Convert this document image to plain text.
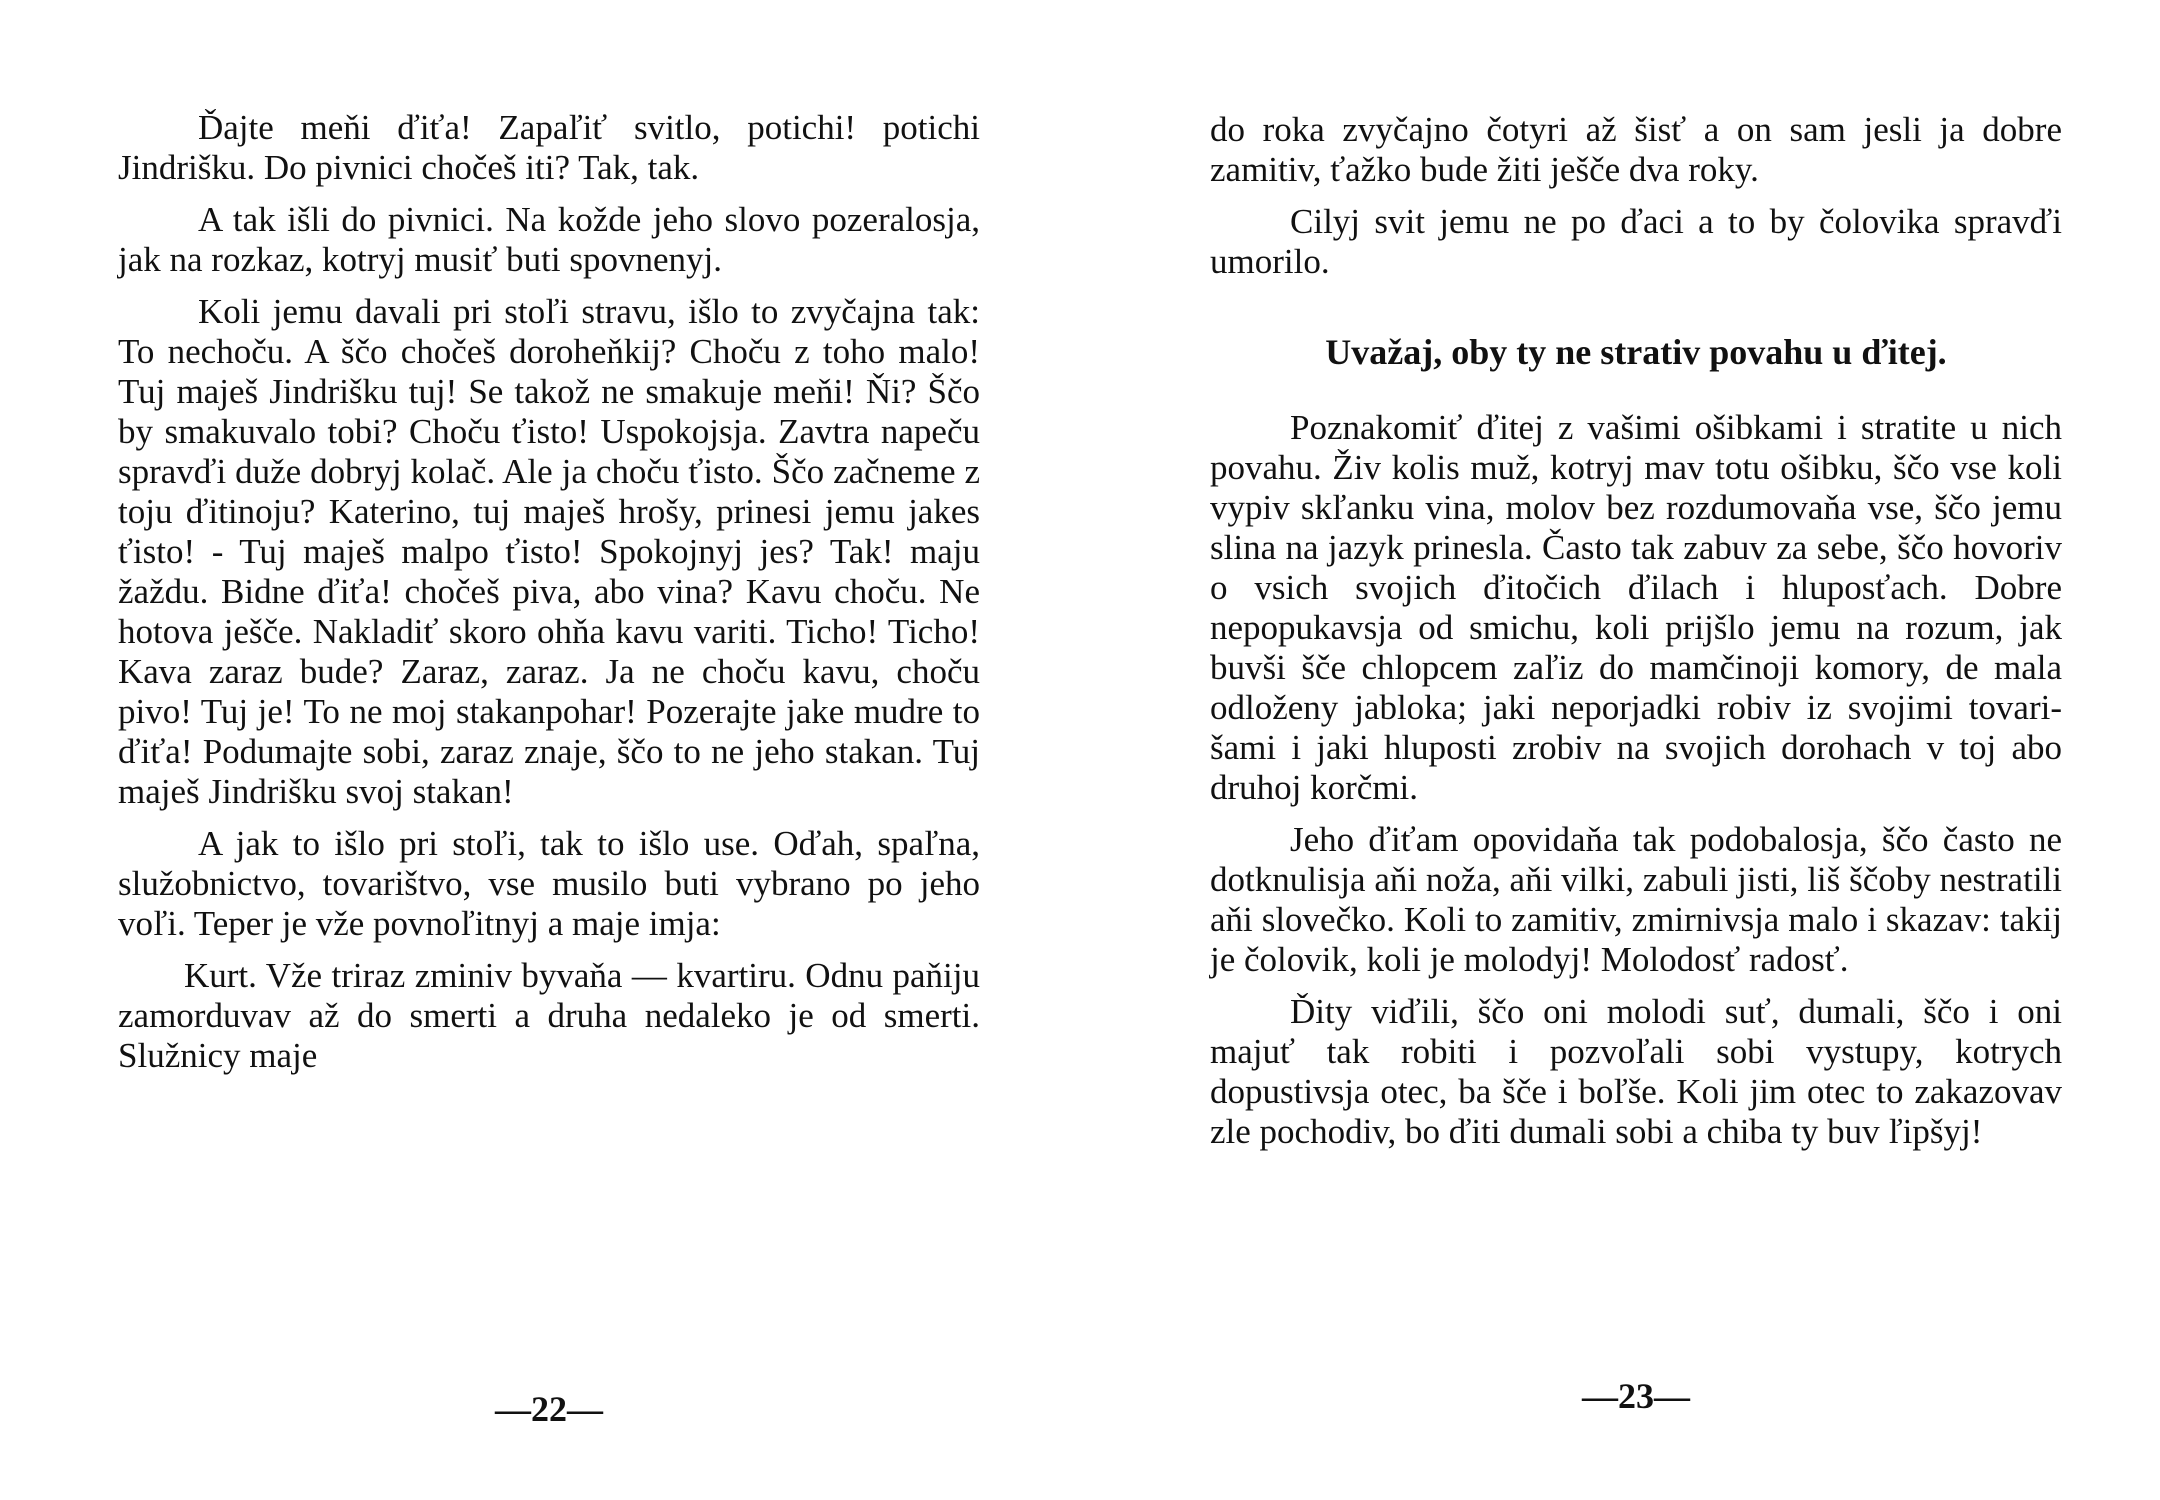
Ďajte meňi ďiťa! Zapaľiť svitlo, potichi! potichi Jindrišku. Do pivnici chočeš iti? Tak, tak.

A tak išli do pivnici. Na kožde jeho slovo pozeralosja, jak na rozkaz, kotryj musiť buti spovnenyj.

Koli jemu davali pri stoľi stravu, išlo to zvyčajna tak: To nechoču. A ščo chočeš doroheňkij? Choču z toho malo! Tuj maješ Jindrišku tuj! Se takož ne smakuje meňi! Ňi? Ščo by smakuvalo tobi? Choču ťisto! Uspokojsja. Zavtra napeču spravďi duže dobryj kolač. Ale ja choču ťisto. Ščo začneme z toju ďitinoju? Katerino, tuj maješ hrošy, prinesi jemu jakes ťisto! - Tuj maješ malpo ťisto! Spokojnyj jes? Tak! maju žaždu. Bidne ďiťa! chočeš piva, abo vina? Kavu choču. Ne hotova ješče. Nakladiť skoro ohňa kavu variti. Ticho! Ticho! Kava zaraz bude? Zaraz, zaraz. Ja ne choču kavu, choču pivo! Tuj je! To ne moj stakanpohar! Pozerajte jake mudre to ďiťa! Podumajte sobi, zaraz znaje, ščo to ne jeho stakan. Tuj maješ Jindrišku svoj stakan!

A jak to išlo pri stoľi, tak to išlo use. Oďah, spaľna, služobnictvo, tovarištvo, vse musilo buti vybrano po jeho voľi. Teper je vže povnoľitnyj a maje imja:

Kurt. Vže triraz zminiv byvaňa — kvartiru. Odnu paňiju zamorduvav až do smerti a druha nedaleko je od smerti. Služnicy maje

—22—

do roka zvyčajno čotyri až šisť a on sam jesli ja dobre zamitiv, ťažko bude žiti ješče dva roky.

Cilyj svit jemu ne po ďaci a to by čolovika spravďi umorilo.

Uvažaj, oby ty ne strativ povahu u ďitej.

Poznakomiť ďitej z vašimi ošibkami i stratite u nich povahu. Živ kolis muž, kotryj mav totu ošibku, ščo vse koli vypiv skľanku vina, molov bez rozdumovaňa vse, ščo jemu slina na jazyk prinesla. Často tak zabuv za sebe, ščo hovoriv o vsich svojich ďitočich ďilach i hluposťach. Dobre nepopukavsja od smichu, koli prijšlo jemu na rozum, jak buvši šče chlopcem zaľiz do mamčinoji komory, de mala odloženy jabloka; jaki neporjadki robiv iz svojimi tovarišami i jaki hluposti zrobiv na svojich dorohach v toj abo druhoj korčmi.

Jeho ďiťam opovidaňa tak podobalosja, ščo často ne dotknulisja aňi noža, aňi vilki, zabuli jisti, liš ščoby nestratili aňi slovečko. Koli to zamitiv, zmirnivsja malo i skazav: takij je čolovik, koli je molodyj! Molodosť radosť.

Ďity viďili, ščo oni molodi suť, dumali, ščo i oni majuť tak robiti i pozvoľali sobi vystupy, kotrych dopustivsja otec, ba šče i boľše. Koli jim otec to zakazovav zle pochodiv, bo ďiti dumali sobi a chiba ty buv ľipšyj!

—23—
